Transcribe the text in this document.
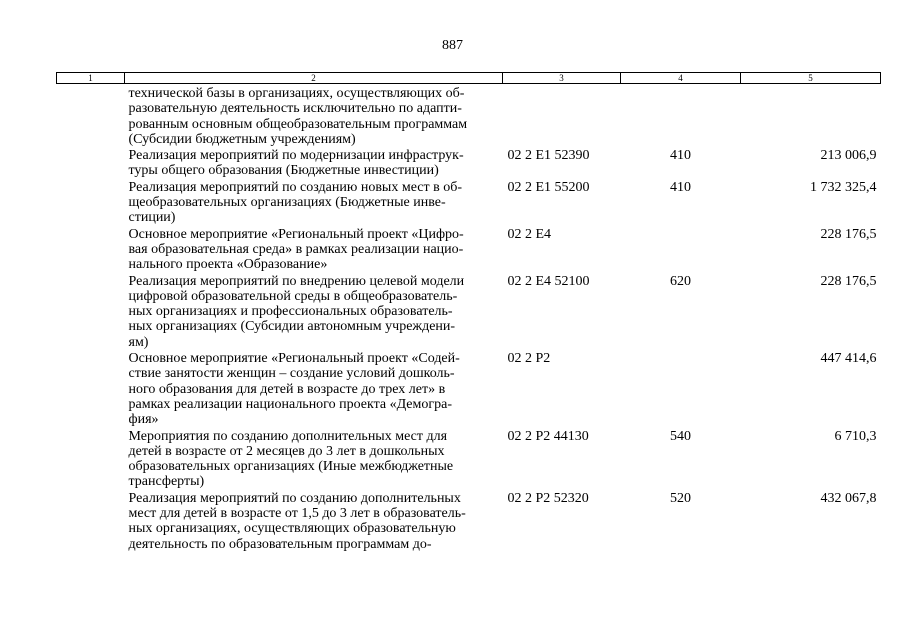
887
1	2	3	4	5

	технической базы в организациях, осуществляющих об-
разовательную деятельность исключительно по адапти-
рованным основным общеобразовательным программам
(Субсидии бюджетным учреждениям)			

	Реализация мероприятий по модернизации инфраструк-
туры общего образования (Бюджетные инвестиции)	02 2 E1 52390	410	213 006,9

	Реализация мероприятий по созданию новых мест в об-
щеобразовательных организациях (Бюджетные инве-
стиции)	02 2 E1 55200	410	1 732 325,4

	Основное мероприятие «Региональный проект «Цифро-
вая образовательная среда» в рамках реализации нацио-
нального проекта «Образование»	02 2 E4		228 176,5

	Реализация мероприятий по внедрению целевой модели
цифровой образовательной среды в общеобразователь-
ных организациях и профессиональных образователь-
ных организациях (Субсидии автономным учреждени-
ям)	02 2 E4 52100	620	228 176,5

	Основное мероприятие «Региональный проект «Содей-
ствие занятости женщин – создание условий дошколь-
ного образования для детей в возрасте до трех лет» в
рамках реализации национального проекта «Демогра-
фия»	02 2 P2		447 414,6

	Мероприятия по созданию дополнительных мест для
детей в возрасте от 2 месяцев до 3 лет в дошкольных
образовательных организациях (Иные межбюджетные
трансферты)	02 2 P2 44130	540	6 710,3

	Реализация мероприятий по созданию дополнительных
мест для детей в возрасте от 1,5 до 3 лет в образователь-
ных организациях, осуществляющих образовательную
деятельность по образовательным программам до-	02 2 P2 52320	520	432 067,8
